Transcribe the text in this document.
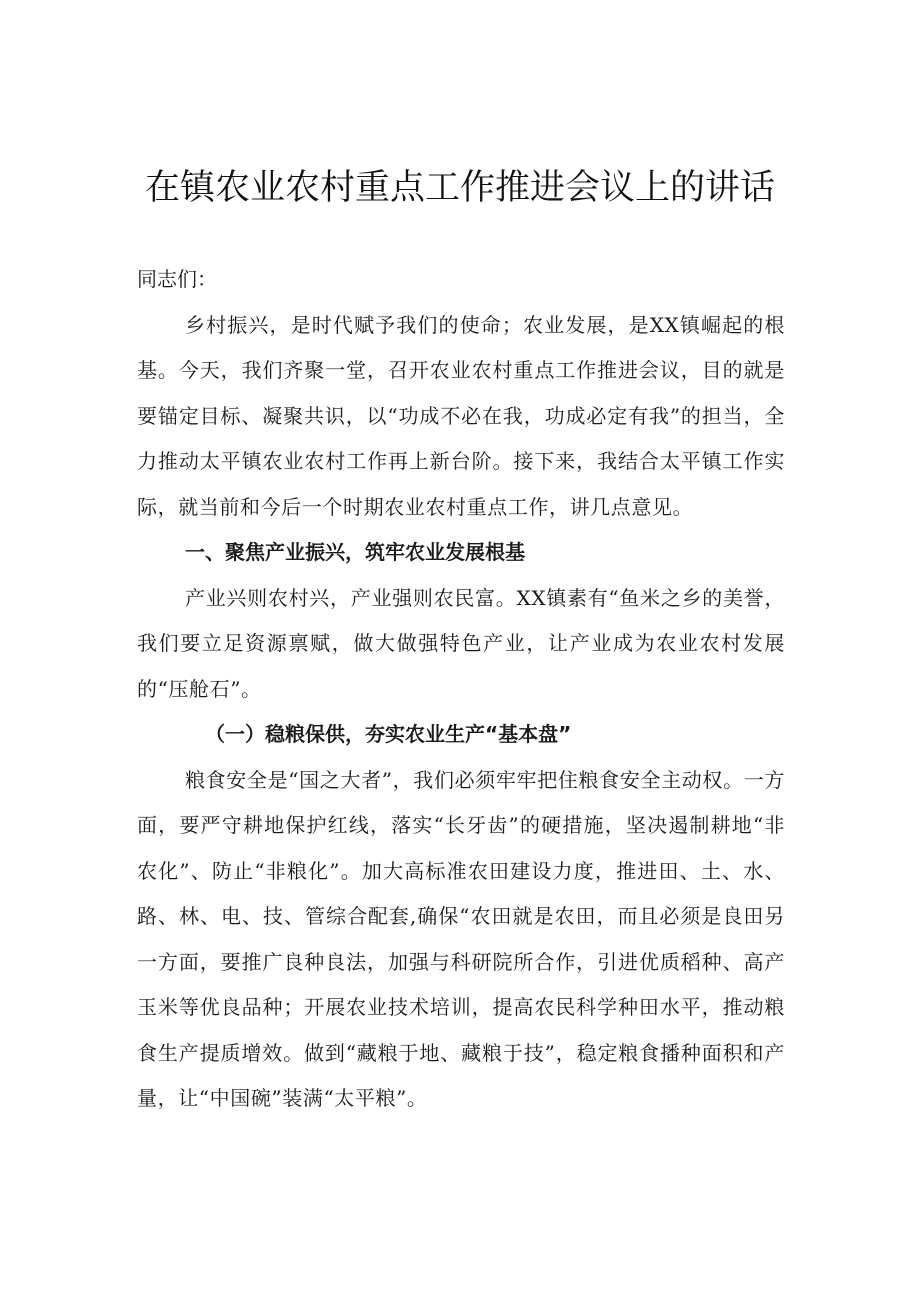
在镇农业农村重点工作推进会议上的讲话

同志们：

乡村振兴，是时代赋予我们的使命；农业发展，是XX镇崛起的根基。今天，我们齐聚一堂，召开农业农村重点工作推进会议，目的就是要锚定目标、凝聚共识，以“功成不必在我，功成必定有我”的担当，全力推动太平镇农业农村工作再上新台阶。接下来，我结合太平镇工作实际，就当前和今后一个时期农业农村重点工作，讲几点意见。

一、聚焦产业振兴，筑牢农业发展根基

产业兴则农村兴，产业强则农民富。XX镇素有“鱼米之乡的美誉，我们要立足资源禀赋，做大做强特色产业，让产业成为农业农村发展的“压舱石”。

（一）稳粮保供，夯实农业生产“基本盘”

粮食安全是“国之大者”，我们必须牢牢把住粮食安全主动权。一方面，要严守耕地保护红线，落实“长牙齿”的硬措施，坚决遏制耕地“非农化”、防止“非粮化”。加大高标准农田建设力度，推进田、土、水、路、林、电、技、管综合配套,确保“农田就是农田，而且必须是良田另一方面，要推广良种良法，加强与科研院所合作，引进优质稻种、高产玉米等优良品种；开展农业技术培训，提高农民科学种田水平，推动粮食生产提质增效。做到“藏粮于地、藏粮于技”，稳定粮食播种面积和产量，让“中国碗”装满“太平粮”。
